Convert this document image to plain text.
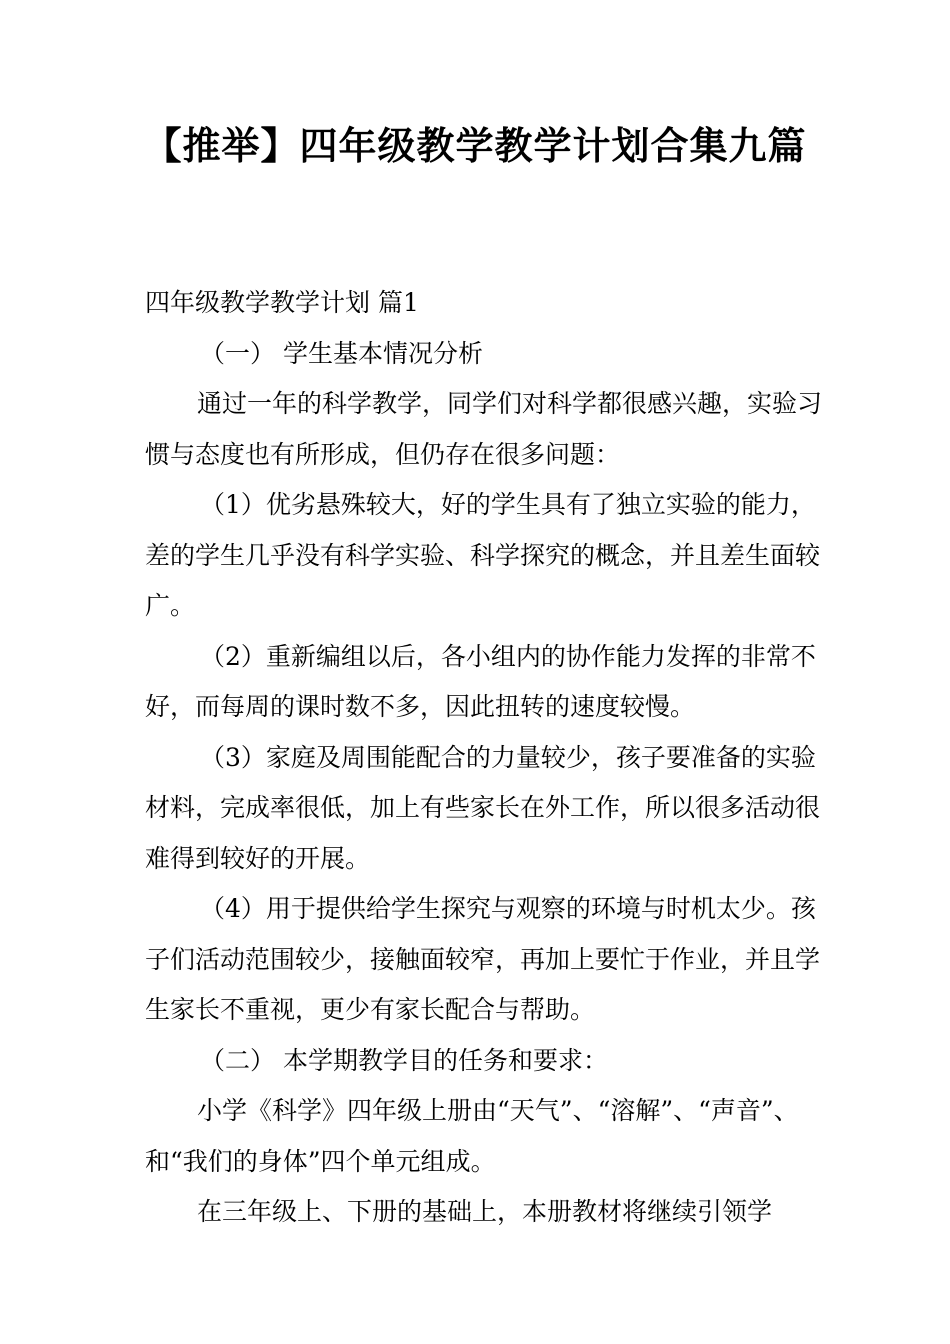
【推举】四年级教学教学计划合集九篇

四年级教学教学计划 篇1

（一） 学生基本情况分析

通过一年的科学教学，同学们对科学都很感兴趣，实验习惯与态度也有所形成，但仍存在很多问题：

（1）优劣悬殊较大，好的学生具有了独立实验的能力，差的学生几乎没有科学实验、科学探究的概念，并且差生面较广。

（2）重新编组以后，各小组内的协作能力发挥的非常不好，而每周的课时数不多，因此扭转的速度较慢。

（3）家庭及周围能配合的力量较少，孩子要准备的实验材料，完成率很低，加上有些家长在外工作，所以很多活动很难得到较好的开展。

（4）用于提供给学生探究与观察的环境与时机太少。孩子们活动范围较少，接触面较窄，再加上要忙于作业，并且学生家长不重视，更少有家长配合与帮助。

（二） 本学期教学目的任务和要求：

小学《科学》四年级上册由“天气”、“溶解”、“声音”、和“我们的身体”四个单元组成。

在三年级上、下册的基础上，本册教材将继续引领学
